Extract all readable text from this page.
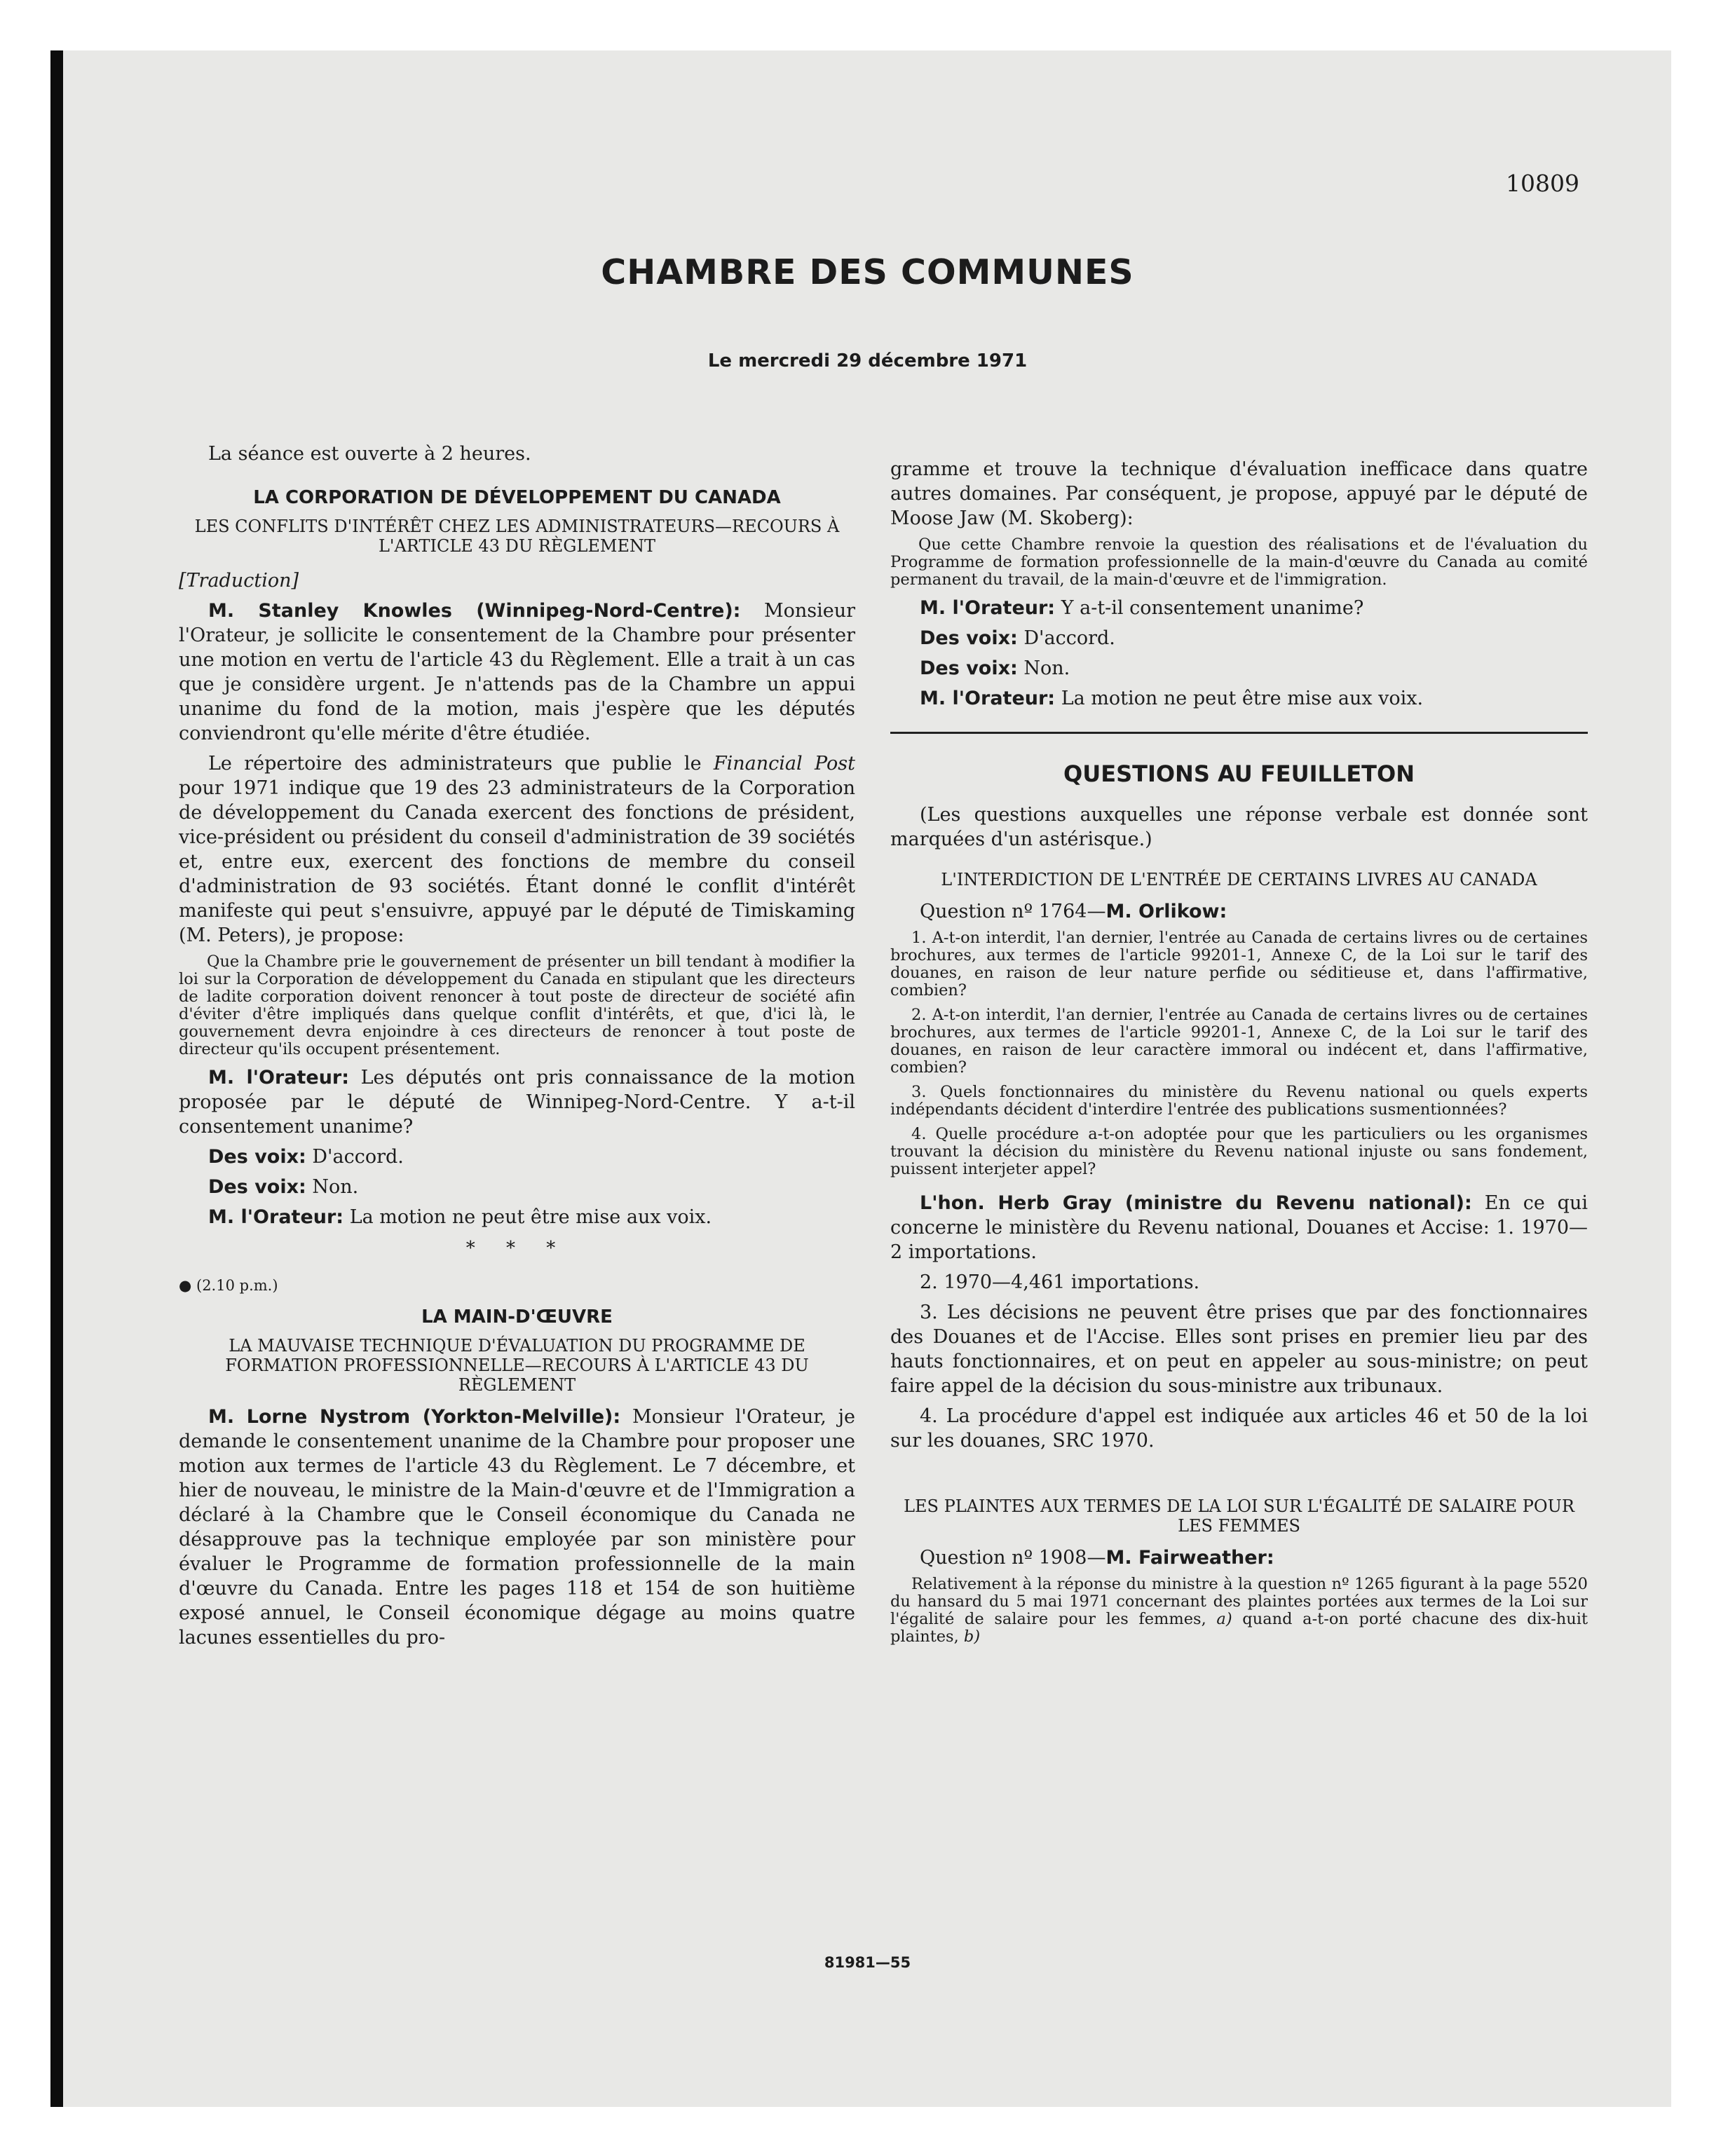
10809
CHAMBRE DES COMMUNES
Le mercredi 29 décembre 1971

La séance est ouverte à 2 heures.

LA CORPORATION DE DÉVELOPPEMENT DU CANADA
LES CONFLITS D'INTÉRÊT CHEZ LES ADMINISTRATEURS—RECOURS À L'ARTICLE 43 DU RÈGLEMENT

[Traduction]

M. Stanley Knowles (Winnipeg-Nord-Centre): Monsieur l'Orateur, je sollicite le consentement de la Chambre pour présenter une motion en vertu de l'article 43 du Règlement. Elle a trait à un cas que je considère urgent. Je n'attends pas de la Chambre un appui unanime du fond de la motion, mais j'espère que les députés conviendront qu'elle mérite d'être étudiée.

Le répertoire des administrateurs que publie le Financial Post pour 1971 indique que 19 des 23 administrateurs de la Corporation de développement du Canada exercent des fonctions de président, vice-président ou président du conseil d'administration de 39 sociétés et, entre eux, exercent des fonctions de membre du conseil d'administration de 93 sociétés. Étant donné le conflit d'intérêt manifeste qui peut s'ensuivre, appuyé par le député de Timiskaming (M. Peters), je propose:

Que la Chambre prie le gouvernement de présenter un bill tendant à modifier la loi sur la Corporation de développement du Canada en stipulant que les directeurs de ladite corporation doivent renoncer à tout poste de directeur de société afin d'éviter d'être impliqués dans quelque conflit d'intérêts, et que, d'ici là, le gouvernement devra enjoindre à ces directeurs de renoncer à tout poste de directeur qu'ils occupent présentement.

M. l'Orateur: Les députés ont pris connaissance de la motion proposée par le député de Winnipeg-Nord-Centre. Y a-t-il consentement unanime?

Des voix: D'accord.

Des voix: Non.

M. l'Orateur: La motion ne peut être mise aux voix.

* * *
● (2.10 p.m.)
LA MAIN-D'ŒUVRE
LA MAUVAISE TECHNIQUE D'ÉVALUATION DU PROGRAMME DE FORMATION PROFESSIONNELLE—RECOURS À L'ARTICLE 43 DU RÈGLEMENT

M. Lorne Nystrom (Yorkton-Melville): Monsieur l'Orateur, je demande le consentement unanime de la Chambre pour proposer une motion aux termes de l'article 43 du Règlement. Le 7 décembre, et hier de nouveau, le ministre de la Main-d'œuvre et de l'Immigration a déclaré à la Chambre que le Conseil économique du Canada ne désapprouve pas la technique employée par son ministère pour évaluer le Programme de formation professionnelle de la main d'œuvre du Canada. Entre les pages 118 et 154 de son huitième exposé annuel, le Conseil économique dégage au moins quatre lacunes essentielles du pro-

gramme et trouve la technique d'évaluation inefficace dans quatre autres domaines. Par conséquent, je propose, appuyé par le député de Moose Jaw (M. Skoberg):

Que cette Chambre renvoie la question des réalisations et de l'évaluation du Programme de formation professionnelle de la main-d'œuvre du Canada au comité permanent du travail, de la main-d'œuvre et de l'immigration.

M. l'Orateur: Y a-t-il consentement unanime?

Des voix: D'accord.

Des voix: Non.

M. l'Orateur: La motion ne peut être mise aux voix.

QUESTIONS AU FEUILLETON

(Les questions auxquelles une réponse verbale est donnée sont marquées d'un astérisque.)

L'INTERDICTION DE L'ENTRÉE DE CERTAINS LIVRES AU CANADA

Question nº 1764—M. Orlikow:

1. A-t-on interdit, l'an dernier, l'entrée au Canada de certains livres ou de certaines brochures, aux termes de l'article 99201-1, Annexe C, de la Loi sur le tarif des douanes, en raison de leur nature perfide ou séditieuse et, dans l'affirmative, combien?

2. A-t-on interdit, l'an dernier, l'entrée au Canada de certains livres ou de certaines brochures, aux termes de l'article 99201-1, Annexe C, de la Loi sur le tarif des douanes, en raison de leur caractère immoral ou indécent et, dans l'affirmative, combien?

3. Quels fonctionnaires du ministère du Revenu national ou quels experts indépendants décident d'interdire l'entrée des publications susmentionnées?

4. Quelle procédure a-t-on adoptée pour que les particuliers ou les organismes trouvant la décision du ministère du Revenu national injuste ou sans fondement, puissent interjeter appel?

L'hon. Herb Gray (ministre du Revenu national): En ce qui concerne le ministère du Revenu national, Douanes et Accise: 1. 1970—2 importations.

2. 1970—4,461 importations.

3. Les décisions ne peuvent être prises que par des fonctionnaires des Douanes et de l'Accise. Elles sont prises en premier lieu par des hauts fonctionnaires, et on peut en appeler au sous-ministre; on peut faire appel de la décision du sous-ministre aux tribunaux.

4. La procédure d'appel est indiquée aux articles 46 et 50 de la loi sur les douanes, SRC 1970.

LES PLAINTES AUX TERMES DE LA LOI SUR L'ÉGALITÉ DE SALAIRE POUR LES FEMMES

Question nº 1908—M. Fairweather:

Relativement à la réponse du ministre à la question nº 1265 figurant à la page 5520 du hansard du 5 mai 1971 concernant des plaintes portées aux termes de la Loi sur l'égalité de salaire pour les femmes, a) quand a-t-on porté chacune des dix-huit plaintes, b)

81981—55
